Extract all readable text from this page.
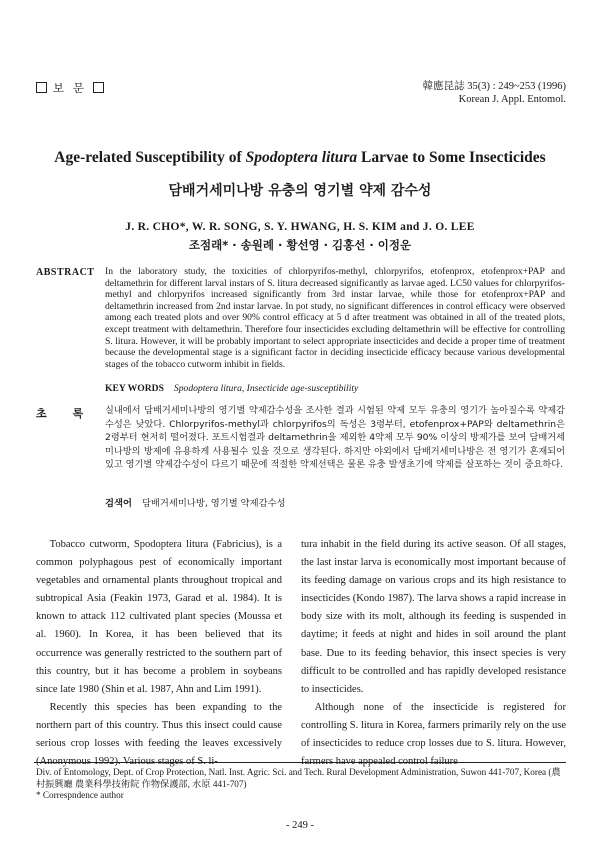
보 문	韓應昆誌 35(3) : 249~253 (1996)
Korean J. Appl. Entomol.
Age-related Susceptibility of Spodoptera litura Larvae to Some Insecticides
담배거세미나방 유충의 영기별 약제 감수성
J. R. CHO*, W. R. SONG, S. Y. HWANG, H. S. KIM and J. O. LEE
조점래* · 송원례 · 황선영 · 김홍선 · 이정운
ABSTRACT In the laboratory study, the toxicities of chlorpyrifos-methyl, chlorpyrifos, etofenprox, etofenprox+PAP and deltamethrin for different larval instars of S. litura decreased significantly as larvae aged. LC50 values for chlorpyrifos-methyl and chlorpyrifos increased significantly from 3rd instar larvae, while those for etofenprox+PAP and deltamethrin increased from 2nd instar larvae. In pot study, no significant differences in control efficacy were observed among each treated plots and over 90% control efficacy at 5 d after treatment was obtained in all of the treated plots, except treatment with deltamethrin. Therefore four insecticides excluding deltamethrin will be effective for controlling S. litura. However, it will be probably important to select appropriate insecticides and decide a proper time of treatment because the developmental stage is a significant factor in deciding insecticide efficacy because various developmental stages of the tobacco cutworm inhibit in fields.

KEY WORDS Spodoptera litura, Insecticide age-susceptibility
초록

실내에서 담배거세미나방의 영기별 약제감수성을 조사한 결과 시험된 약제 모두 유충의 영기가 높아질수록 약제감수성은 낮았다. Chlorpyrifos-methyl과 chlorpyrifos의 독성은 3령부터, etofenprox+PAP와 deltamethrin은 2령부터 현저히 떨어졌다. 포트시험결과 deltamethrin을 제외한 4약제 모두 90% 이상의 방제가를 보여 담배거세미나방의 방제에 유용하게 사용될수 있을 것으로 생각된다. 하지만 야외에서 담배거세미나방은 전 영기가 혼재되어 있고 영기별 약제감수성이 다르기 때문에 적절한 약제선택은 물론 유충 발생초기에 약제를 살포하는 것이 중요하다.

검색어 담배거세미나방, 영기별 약제감수성

Tobacco cutworm, Spodoptera litura (Fabricius), is a common polyphagous pest of economically important vegetables and ornamental plants throughout tropical and subtropical Asia (Feakin 1973, Garad et al. 1984). It is known to attack 112 cultivated plant species (Moussa et al. 1960). In Korea, it has been believed that its occurrence was generally restricted to the southern part of this country, but it has become a problem in soybeans since late 1980 (Shin et al. 1987, Ahn and Lim 1991).

Recently this species has been expanding to the northern part of this country. Thus this insect could cause serious crop losses with feeding the leaves excessively (Anonymous 1992). Various stages of S. li-

tura inhabit in the field during its active season. Of all stages, the last instar larva is economically most important because of its feeding damage on various crops and its high resistance to insecticides (Kondo 1987). The larva shows a rapid increase in body size with its molt, although its feeding is suspended in daytime; it feeds at night and hides in soil around the plant base. Due to its feeding behavior, this insect species is very difficult to be controlled and has rapidly developed resistance to insecticides.

Although none of the insecticide is registered for controlling S. litura in Korea, farmers primarily rely on the use of insecticides to reduce crop losses due to S. litura. However, farmers have appealed control failure

Div. of Entomology, Dept. of Crop Protection, Natl. Inst. Agric. Sci. and Tech. Rural Development Administration, Suwon 441-707, Korea (農村振興廳 農業科學技術院 作物保護部, 水原 441-707)
* Correspndence author
- 249 -
